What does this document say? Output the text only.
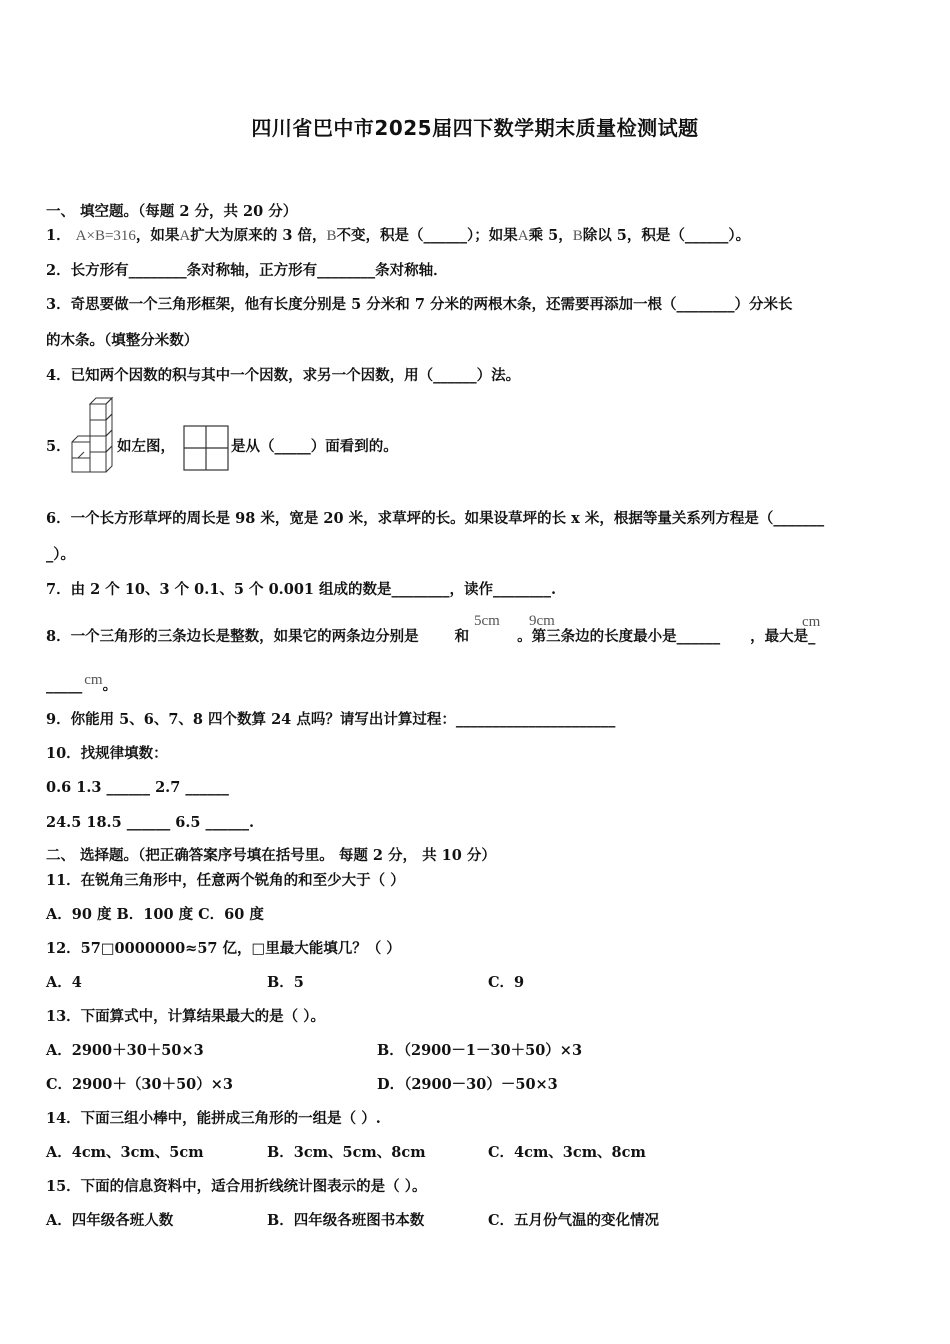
四川省巴中市2025届四下数学期末质量检测试题
一、 填空题。（每题 2 分，共 20 分）
1． A×B=316，如果A扩大为原来的 3 倍，B不变，积是（______）；如果A乘 5，B除以 5，积是（______）。
2．长方形有________条对称轴，正方形有________条对称轴．
3．奇思要做一个三角形框架，他有长度分别是 5 分米和 7 分米的两根木条，还需要再添加一根（________）分米长
的木条。（填整分米数）
4．已知两个因数的积与其中一个因数，求另一个因数，用（______）法。
5．	如左图，	是从（_____）面看到的。
6．一个长方形草坪的周长是 98 米，宽是 20 米，求草坪的长。如果设草坪的长 x 米，根据等量关系列方程是（_______
_）。
7．由 2 个 10、3 个 0.1、5 个 0.001 组成的数是________，读作________.
8．一个三角形的三条边长是整数，如果它的两条边分别是 和	。第三条边的长度最小是______ ，最大是_
5cm 9cm	cm
_____ cm。
9．你能用 5、6、7、8 四个数算 24 点吗？请写出计算过程：______________________
10．找规律填数：
0.6 1.3 ______ 2.7 ______
24.5 18.5 ______ 6.5 ______.
二、 选择题。（把正确答案序号填在括号里。 每题 2 分， 共 10 分）
11．在锐角三角形中，任意两个锐角的和至少大于（ ）
A．90 度 B．100 度 C．60 度
12．57□0000000≈57 亿，□里最大能填几？（ ）
A．4	B．5	C．9
13．下面算式中，计算结果最大的是（ ）。
A．2900＋30＋50×3	B．（2900－1－30＋50）×3
C．2900＋（30＋50）×3	D．（2900－30）－50×3
14．下面三组小棒中，能拼成三角形的一组是（ ）.
A．4cm、3cm、5cm	B．3cm、5cm、8cm	C．4cm、3cm、8cm
15．下面的信息资料中，适合用折线统计图表示的是（ ）。
A．四年级各班人数	B．四年级各班图书本数	C．五月份气温的变化情况
